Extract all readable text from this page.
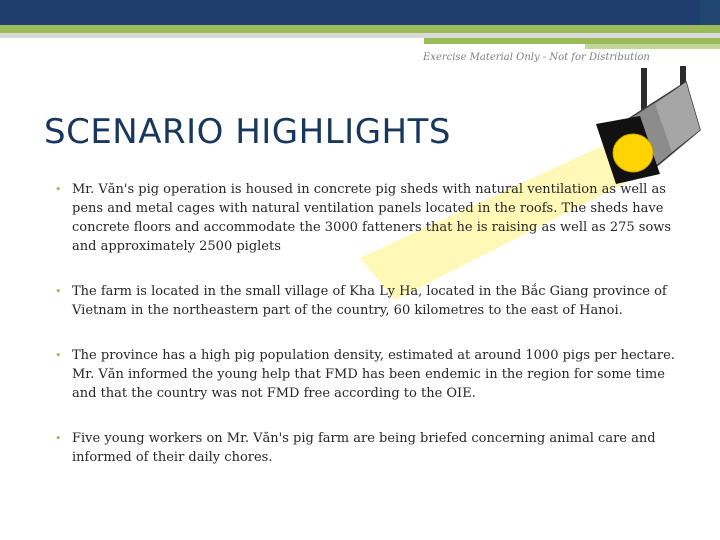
Exercise Material Only - Not for Distribution
SCENARIO HIGHLIGHTS
• Mr. Văn's pig operation is housed in concrete pig sheds with natural ventilation as well as pens and metal cages with natural ventilation panels located in the roofs. The sheds have concrete floors and accommodate the 3000 fatteners that he is raising as well as 275 sows and approximately 2500 piglets
• The farm is located in the small village of Kha Ly Ha, located in the Bắc Giang province of Vietnam in the northeastern part of the country, 60 kilometres to the east of Hanoi.
• The province has a high pig population density, estimated at around 1000 pigs per hectare. Mr. Văn informed the young help that FMD has been endemic in the region for some time and that the country was not FMD free according to the OIE.
• Five young workers on Mr. Văn's pig farm are being briefed concerning animal care and informed of their daily chores.
